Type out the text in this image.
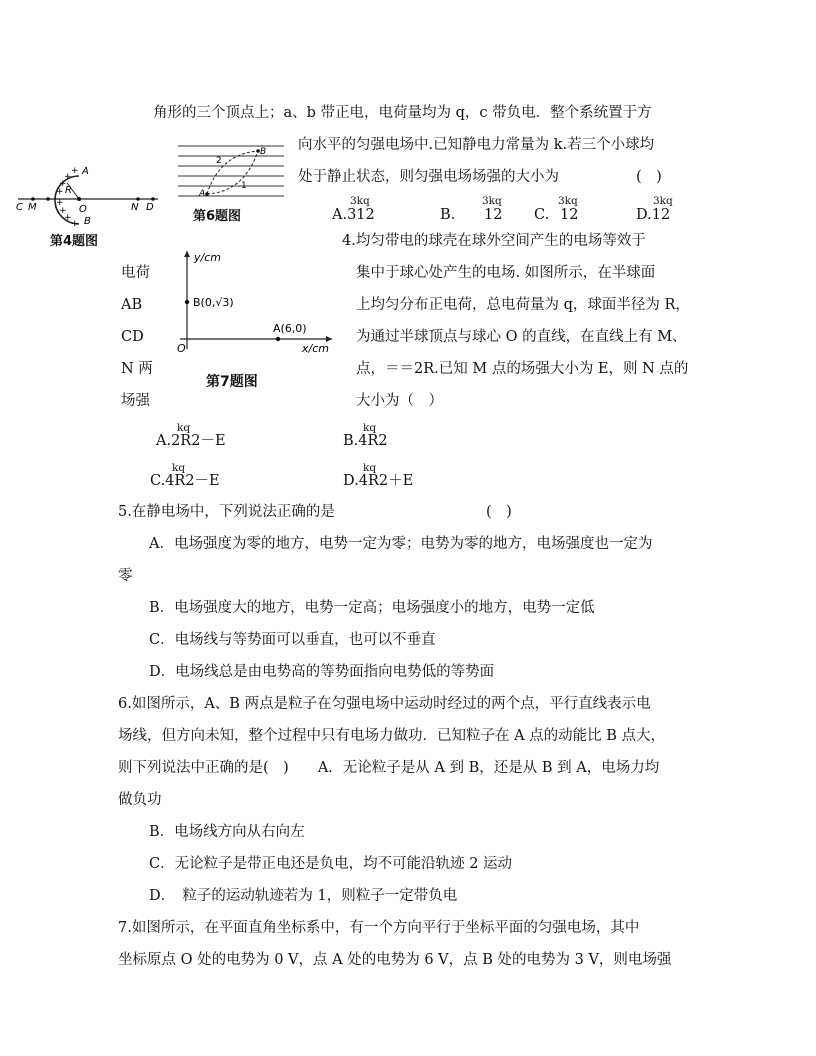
角形的三个顶点上；a、b 带正电，电荷量均为 q，c 带负电．整个系统置于方
向水平的匀强电场中.已知静电力常量为 k.若三个小球均
处于静止状态，则匀强电场场强的大小为	(　)
3kq
A.312	B.
3kq
12 C.
3kq
12
3kq
D.12
A
B
R
O
C M	N D
+
+
+
+
+
+
+
+
第4题图
A
B
2
1
第6题图
y/cm
x/cm
O
B(0,√3)
A(6,0)
第7题图
电荷
AB
CD
N 两
场强
4.均匀带电的球壳在球外空间产生的电场等效于
集中于球心处产生的电场. 如图所示，在半球面
上均匀分布正电荷，总电荷量为 q，球面半径为 R，
为通过半球顶点与球心 O 的直线，在直线上有 M、
点，＝＝2R.已知 M 点的场强大小为 E，则 N 点的
大小为（　）
kq
A.2R2－E
kq
B.4R2
kq
C.4R2－E
kq
D.4R2＋E
5.在静电场中，下列说法正确的是	(　)
A．电场强度为零的地方，电势一定为零；电势为零的地方，电场强度也一定为
零
B．电场强度大的地方，电势一定高；电场强度小的地方，电势一定低
C．电场线与等势面可以垂直，也可以不垂直
D．电场线总是由电势高的等势面指向电势低的等势面
6.如图所示，A、B 两点是粒子在匀强电场中运动时经过的两个点，平行直线表示电
场线，但方向未知，整个过程中只有电场力做功．已知粒子在 A 点的动能比 B 点大，
则下列说法中正确的是(　)　　A．无论粒子是从 A 到 B，还是从 B 到 A，电场力均
做负功
B．电场线方向从右向左
C．无论粒子是带正电还是负电，均不可能沿轨迹 2 运动
D．　粒子的运动轨迹若为 1，则粒子一定带负电
7.如图所示，在平面直角坐标系中，有一个方向平行于坐标平面的匀强电场，其中
坐标原点 O 处的电势为 0 V，点 A 处的电势为 6 V，点 B 处的电势为 3 V，则电场强
